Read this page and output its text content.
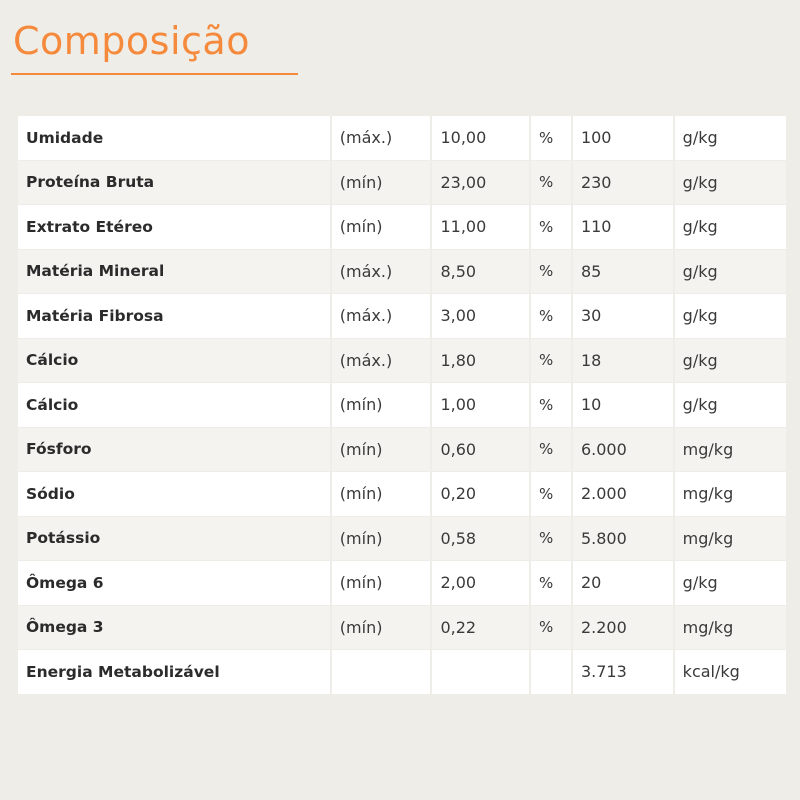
Composição
Umidade	(máx.)	10,00	%	100	g/kg
Proteína Bruta	(mín)	23,00	%	230	g/kg
Extrato Etéreo	(mín)	11,00	%	110	g/kg
Matéria Mineral	(máx.)	8,50	%	85	g/kg
Matéria Fibrosa	(máx.)	3,00	%	30	g/kg
Cálcio	(máx.)	1,80	%	18	g/kg
Cálcio	(mín)	1,00	%	10	g/kg
Fósforo	(mín)	0,60	%	6.000	mg/kg
Sódio	(mín)	0,20	%	2.000	mg/kg
Potássio	(mín)	0,58	%	5.800	mg/kg
Ômega 6	(mín)	2,00	%	20	g/kg
Ômega 3	(mín)	0,22	%	2.200	mg/kg
Energia Metabolizável				3.713	kcal/kg
